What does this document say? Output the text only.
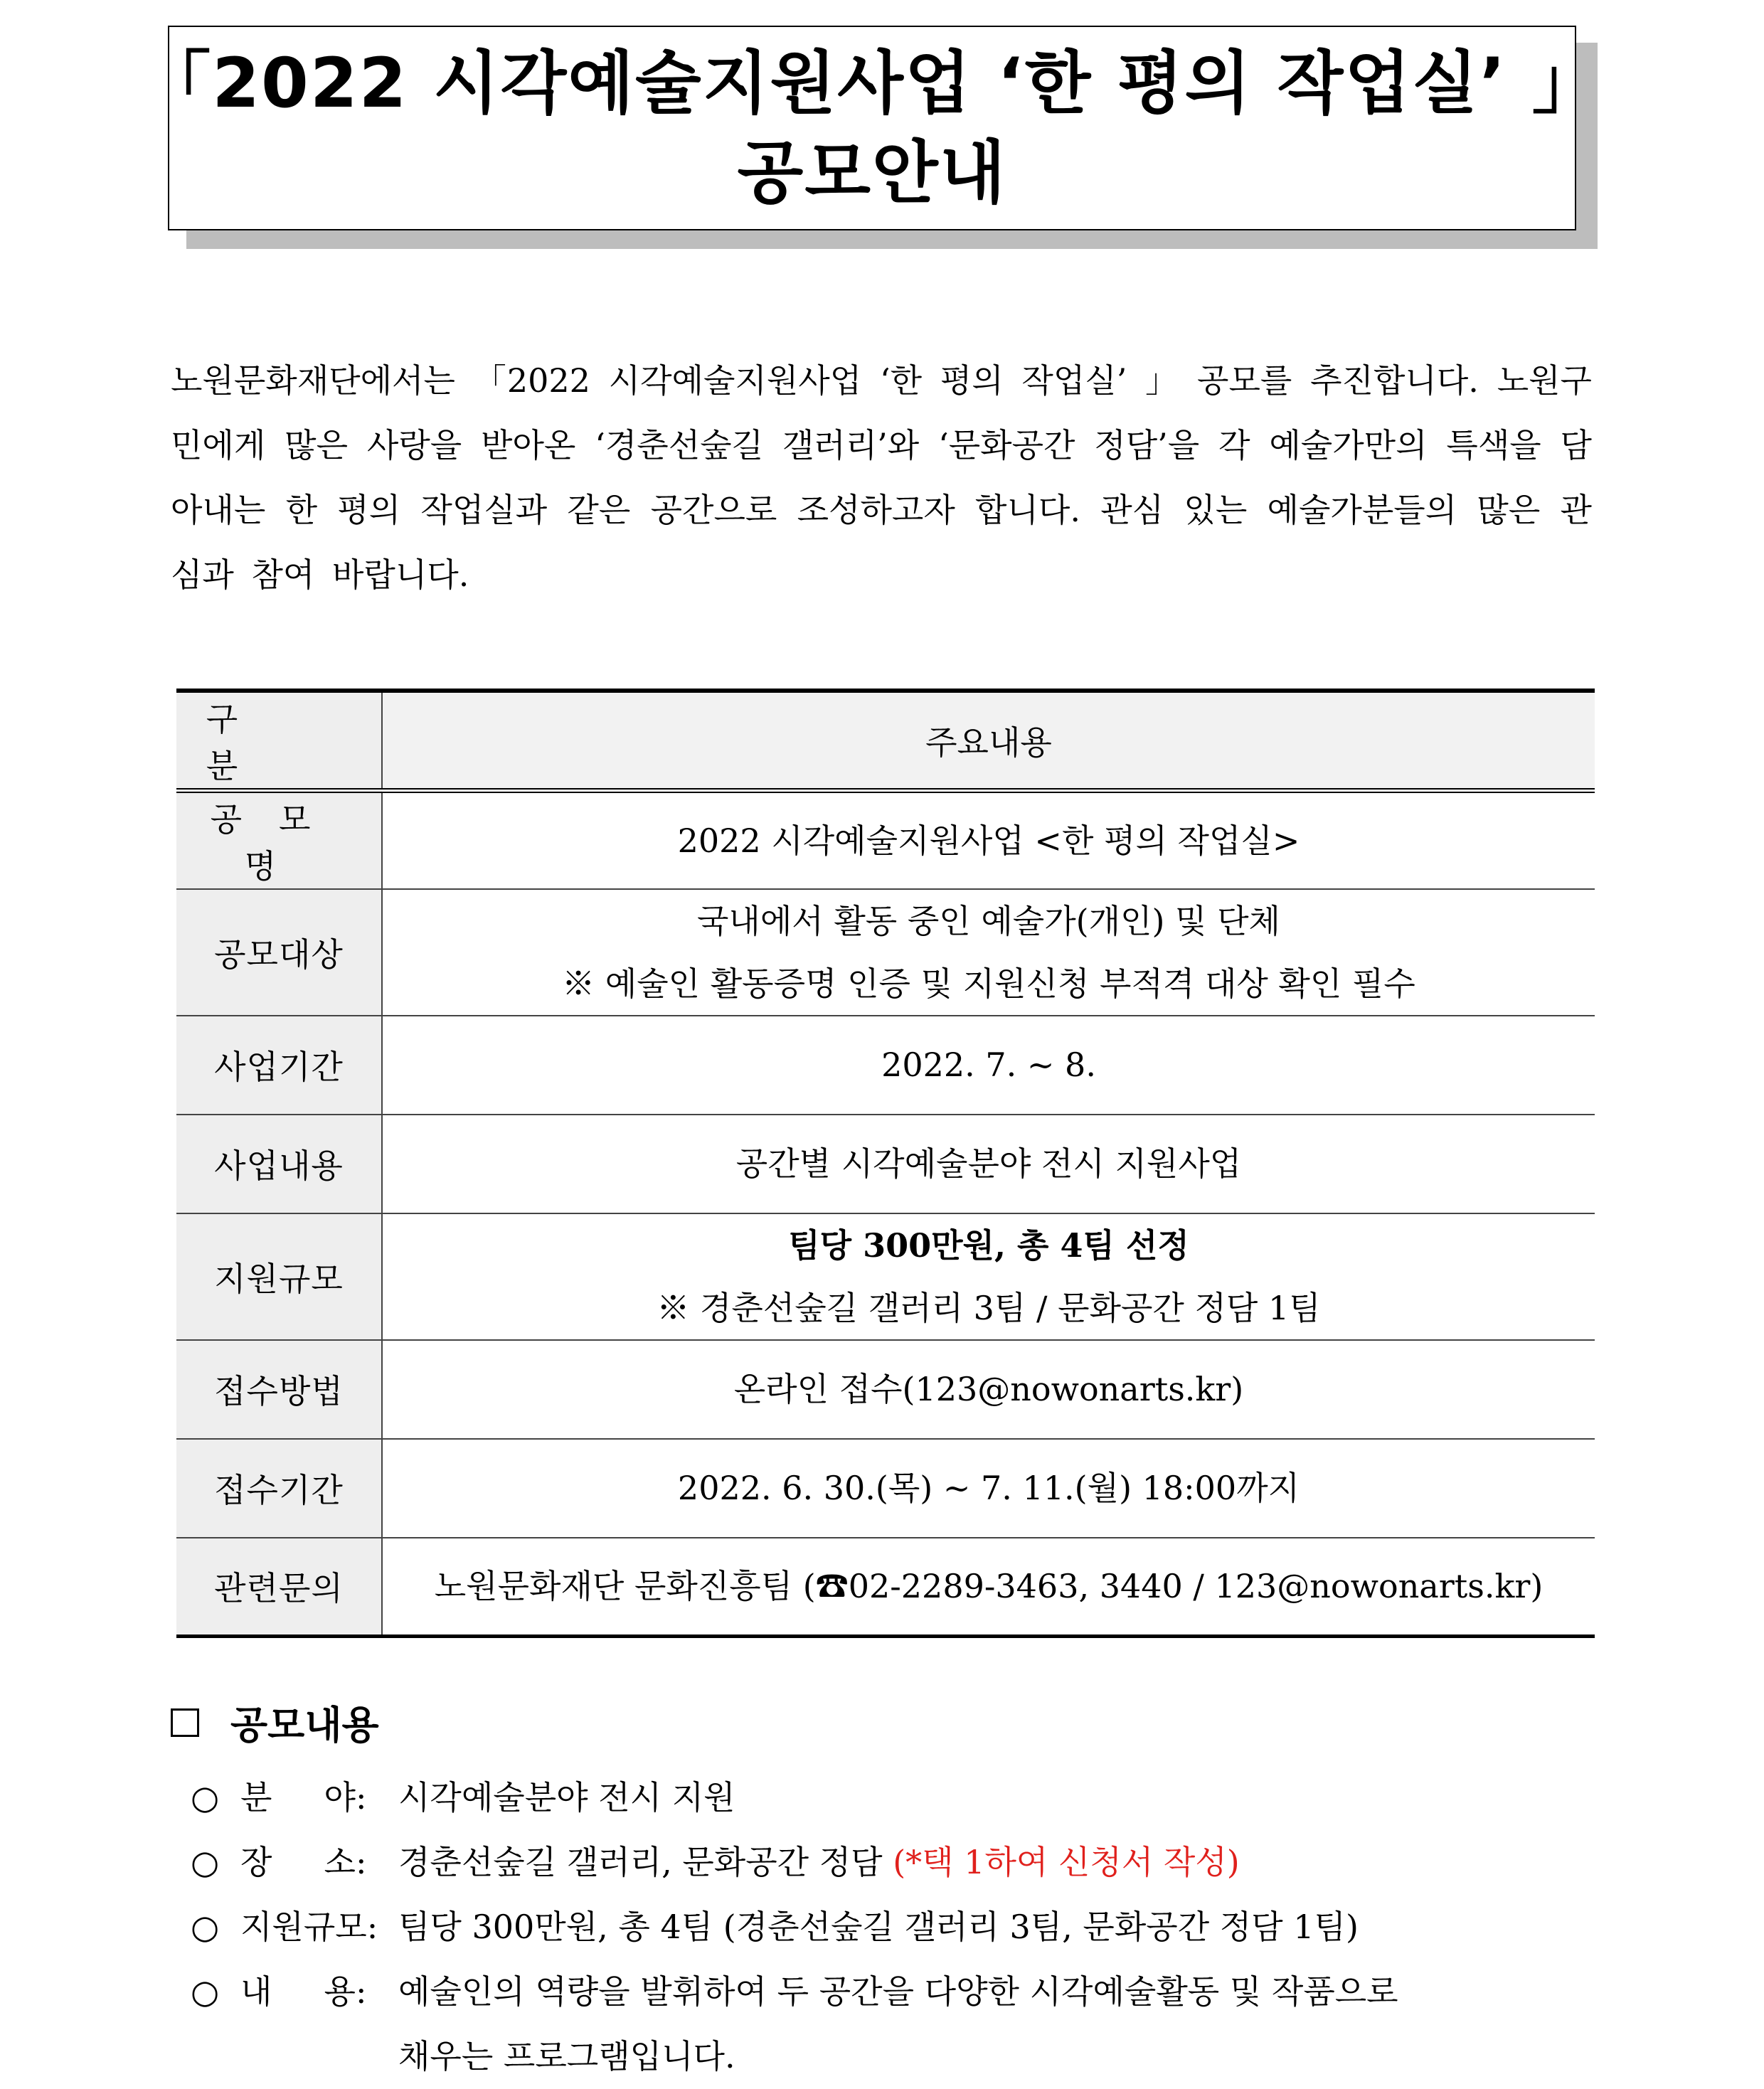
「2022 시각예술지원사업 ‘한 평의 작업실’ 」
공모안내

노원문화재단에서는 「2022 시각예술지원사업 ‘한 평의 작업실’ 」 공모를 추진합니다. 노원구민에게 많은 사랑을 받아온 ‘경춘선숲길 갤러리’와 ‘문화공간 정담’을 각 예술가만의 특색을 담아내는 한 평의 작업실과 같은 공간으로 조성하고자 합니다. 관심 있는 예술가분들의 많은 관심과 참여 바랍니다.

구분	주요내용
공모명	2022 시각예술지원사업 <한 평의 작업실>
공모대상	국내에서 활동 중인 예술가(개인) 및 단체
※ 예술인 활동증명 인증 및 지원신청 부적격 대상 확인 필수

사업기간	2022. 7. ~ 8.
사업내용	공간별 시각예술분야 전시 지원사업
지원규모	팀당 300만원, 총 4팀 선정
※ 경춘선숲길 갤러리 3팀 / 문화공간 정담 1팀

접수방법	온라인 접수(123@nowonarts.kr)
접수기간	2022. 6. 30.(목) ~ 7. 11.(월) 18:00까지
관련문의	노원문화재단 문화진흥팀 (☎02-2289-3463, 3440 / 123@nowonarts.kr)
공모내용
○ 분     야: 시각예술분야 전시 지원
○ 장     소: 경춘선숲길 갤러리, 문화공간 정담 (*택 1하여 신청서 작성)
○ 지원규모: 팀당 300만원, 총 4팀 (경춘선숲길 갤러리 3팀, 문화공간 정담 1팀)
○ 내     용: 예술인의 역량을 발휘하여 두 공간을 다양한 시각예술활동 및 작품으로
채우는 프로그램입니다.
